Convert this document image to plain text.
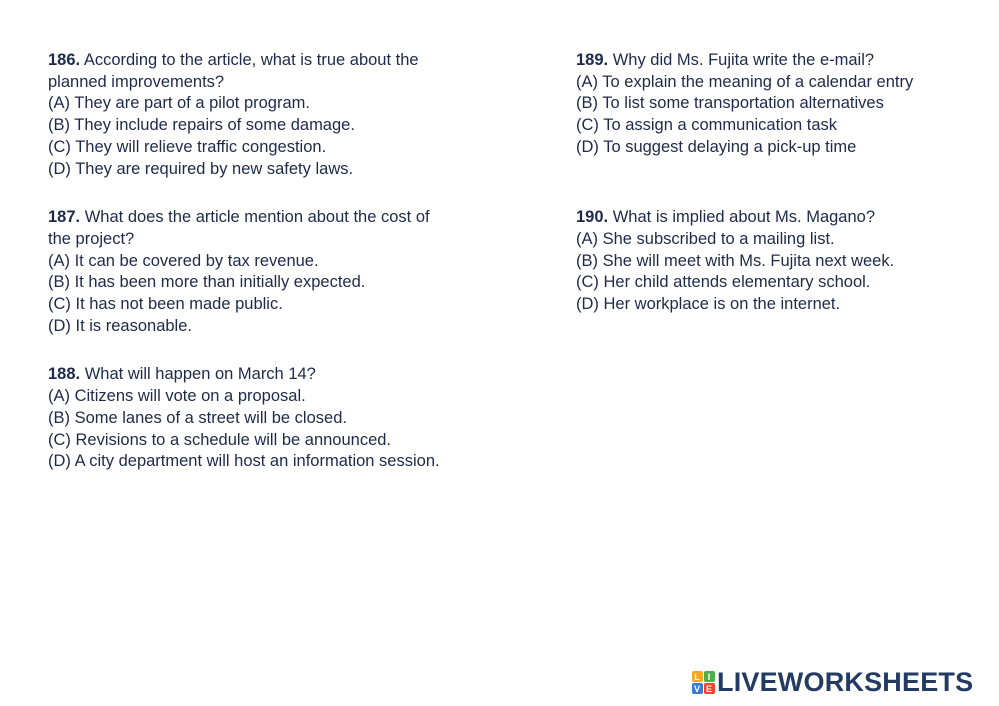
186. According to the article, what is true about the

planned improvements?

(A) They are part of a pilot program.

(B) They include repairs of some damage.

(C) They will relieve traffic congestion.

(D) They are required by new safety laws.

187. What does the article mention about the cost of

the project?

(A) It can be covered by tax revenue.

(B) It has been more than initially expected.

(C) It has not been made public.

(D) It is reasonable.

188. What will happen on March 14?

(A) Citizens will vote on a proposal.

(B) Some lanes of a street will be closed.

(C) Revisions to a schedule will be announced.

(D) A city department will host an information session.

189. Why did Ms. Fujita write the e-mail?

(A) To explain the meaning of a calendar entry

(B) To list some transportation alternatives

(C) To assign a communication task

(D) To suggest delaying a pick-up time

190. What is implied about Ms. Magano?

(A) She subscribed to a mailing list.

(B) She will meet with Ms. Fujita next week.

(C) Her child attends elementary school.

(D) Her workplace is on the internet.

L I
V E LIVEWORKSHEETS
